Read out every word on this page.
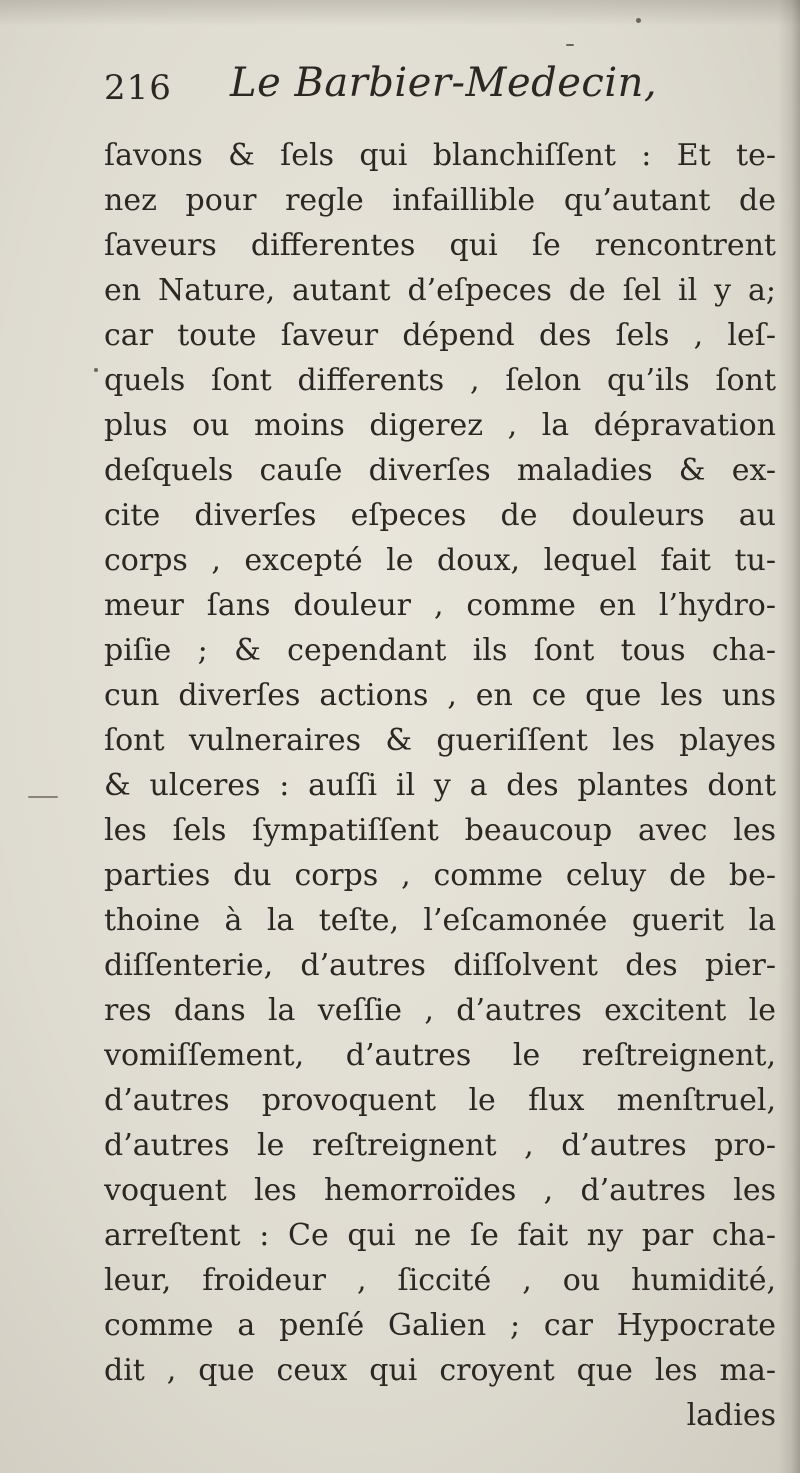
216 Le Barbier-Medecin,
ſavons & ſels qui blanchiſſent : Et te-
nez pour regle infaillible qu’autant de
ſaveurs differentes qui ſe rencontrent
en Nature, autant d’eſpeces de ſel il y a;
car toute ſaveur dépend des ſels , leſ-
quels ſont differents , ſelon qu’ils ſont
plus ou moins digerez , la dépravation
deſquels cauſe diverſes maladies & ex-
cite diverſes eſpeces de douleurs au
corps , excepté le doux, lequel fait tu-
meur ſans douleur , comme en l’hydro-
piſie ; & cependant ils ſont tous cha-
cun diverſes actions , en ce que les uns
ſont vulneraires & gueriſſent les playes
& ulceres : auſſi il y a des plantes dont
les ſels ſympatiſſent beaucoup avec les
parties du corps , comme celuy de be-
thoine à la teſte, l’eſcamonée guerit la
diſſenterie, d’autres diſſolvent des pier-
res dans la veſſie , d’autres excitent le
vomiſſement, d’autres le reſtreignent,
d’autres provoquent le flux menſtruel,
d’autres le reſtreignent , d’autres pro-
voquent les hemorroïdes , d’autres les
arreſtent : Ce qui ne ſe fait ny par cha-
leur, froideur , ſiccité , ou humidité,
comme a penſé Galien ; car Hypocrate
dit , que ceux qui croyent que les ma-
ladies
